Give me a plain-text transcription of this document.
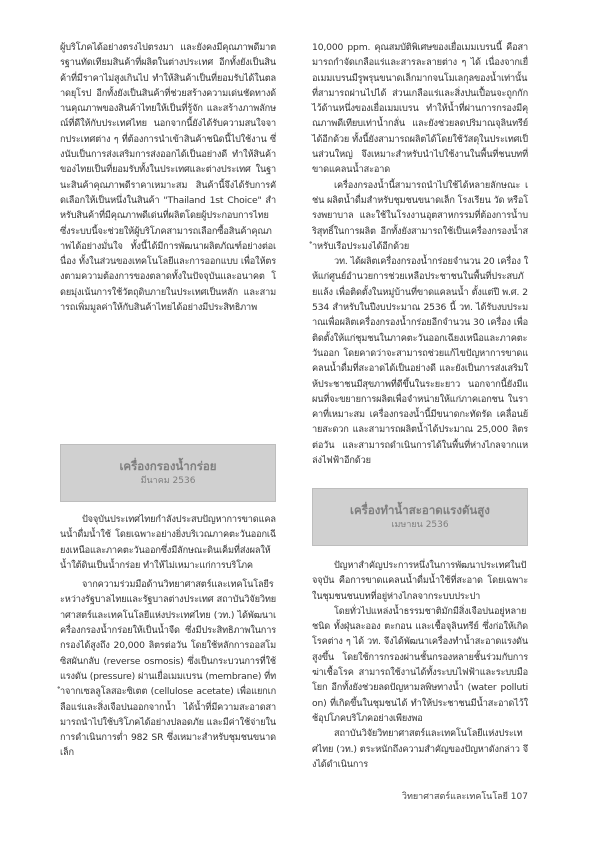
ผู้บริโภคได้อย่างตรงไปตรงมา และยังคงมีคุณภาพดีมาตรฐานทัดเทียมสินค้าที่ผลิตในต่างประเทศ อีกทั้งยังเป็นสินค้าที่มีราคาไม่สูงเกินไป ทำให้สินค้าเป็นที่ยอมรับได้ในตลาดยุโรป อีกทั้งยังเป็นสินค้าที่ช่วยสร้างความเด่นชัดทางด้านคุณภาพของสินค้าไทยให้เป็นที่รู้จัก และสร้างภาพลักษณ์ที่ดีให้กับประเทศไทย นอกจากนี้ยังได้รับความสนใจจากประเทศต่าง ๆ ที่ต้องการนำเข้าสินค้าชนิดนี้ไปใช้งาน ซึ่งนับเป็นการส่งเสริมการส่งออกได้เป็นอย่างดี ทำให้สินค้าของไทยเป็นที่ยอมรับทั้งในประเทศและต่างประเทศ ในฐานะสินค้าคุณภาพดีราคาเหมาะสม สินค้านี้จึงได้รับการคัดเลือกให้เป็นหนึ่งในสินค้า "Thailand 1st Choice" สำหรับสินค้าที่มีคุณภาพดีเด่นที่ผลิตโดยผู้ประกอบการไทย ซึ่งระบบนี้จะช่วยให้ผู้บริโภคสามารถเลือกซื้อสินค้าคุณภาพได้อย่างมั่นใจ ทั้งนี้ได้มีการพัฒนาผลิตภัณฑ์อย่างต่อเนื่อง ทั้งในส่วนของเทคโนโลยีและการออกแบบ เพื่อให้ตรงตามความต้องการของตลาดทั้งในปัจจุบันและอนาคต โดยมุ่งเน้นการใช้วัตถุดิบภายในประเทศเป็นหลัก และสามารถเพิ่มมูลค่าให้กับสินค้าไทยได้อย่างมีประสิทธิภาพ

เครื่องกรองน้ำกร่อย
มีนาคม 2536

ปัจจุบันประเทศไทยกำลังประสบปัญหาการขาดแคลนน้ำดื่มน้ำใช้ โดยเฉพาะอย่างยิ่งบริเวณภาคตะวันออกเฉียงเหนือและภาคตะวันออกซึ่งมีลักษณะดินเค็มที่ส่งผลให้น้ำใต้ดินเป็นน้ำกร่อย ทำให้ไม่เหมาะแก่การบริโภค

จากความร่วมมือด้านวิทยาศาสตร์และเทคโนโลยีระหว่างรัฐบาลไทยและรัฐบาลต่างประเทศ สถาบันวิจัยวิทยาศาสตร์และเทคโนโลยีแห่งประเทศไทย (วท.) ได้พัฒนาเครื่องกรองน้ำกร่อยให้เป็นน้ำจืด ซึ่งมีประสิทธิภาพในการกรองได้สูงถึง 20,000 ลิตรต่อวัน โดยใช้หลักการออสโมซิสผันกลับ (reverse osmosis) ซึ่งเป็นกระบวนการที่ใช้แรงดัน (pressure) ผ่านเยื่อเมมเบรน (membrane) ที่ทำจากเซลลูโลสอะซิเตต (cellulose acetate) เพื่อแยกเกลือแร่และสิ่งเจือปนออกจากน้ำ ได้น้ำที่มีความสะอาดสามารถนำไปใช้บริโภคได้อย่างปลอดภัย และมีค่าใช้จ่ายในการดำเนินการต่ำ 982 SR ซึ่งเหมาะสำหรับชุมชนขนาดเล็ก

10,000 ppm. คุณสมบัติพิเศษของเยื่อเมมเบรนนี้ คือสามารถกำจัดเกลือแร่และสารละลายต่าง ๆ ได้ เนื่องจากเยื่อเมมเบรนมีรูพรุนขนาดเล็กมากจนโมเลกุลของน้ำเท่านั้นที่สามารถผ่านไปได้ ส่วนเกลือแร่และสิ่งปนเปื้อนจะถูกกักไว้ด้านหนึ่งของเยื่อเมมเบรน ทำให้น้ำที่ผ่านการกรองมีคุณภาพดีเทียบเท่าน้ำกลั่น และยังช่วยลดปริมาณจุลินทรีย์ได้อีกด้วย ทั้งนี้ยังสามารถผลิตได้โดยใช้วัสดุในประเทศเป็นส่วนใหญ่ จึงเหมาะสำหรับนำไปใช้งานในพื้นที่ชนบทที่ขาดแคลนน้ำสะอาด

เครื่องกรองน้ำนี้สามารถนำไปใช้ได้หลายลักษณะ เช่น ผลิตน้ำดื่มสำหรับชุมชนขนาดเล็ก โรงเรียน วัด หรือโรงพยาบาล และใช้ในโรงงานอุตสาหกรรมที่ต้องการน้ำบริสุทธิ์ในการผลิต อีกทั้งยังสามารถใช้เป็นเครื่องกรองน้ำสำหรับเรือประมงได้อีกด้วย

วท. ได้ผลิตเครื่องกรองน้ำกร่อยจำนวน 20 เครื่อง ให้แก่ศูนย์อำนวยการช่วยเหลือประชาชนในพื้นที่ประสบภัยแล้ง เพื่อติดตั้งในหมู่บ้านที่ขาดแคลนน้ำ ตั้งแต่ปี พ.ศ. 2534 สำหรับในปีงบประมาณ 2536 นี้ วท. ได้รับงบประมาณเพื่อผลิตเครื่องกรองน้ำกร่อยอีกจำนวน 30 เครื่อง เพื่อติดตั้งให้แก่ชุมชนในภาคตะวันออกเฉียงเหนือและภาคตะวันออก โดยคาดว่าจะสามารถช่วยแก้ไขปัญหาการขาดแคลนน้ำดื่มที่สะอาดได้เป็นอย่างดี และยังเป็นการส่งเสริมให้ประชาชนมีสุขภาพที่ดีขึ้นในระยะยาว นอกจากนี้ยังมีแผนที่จะขยายการผลิตเพื่อจำหน่ายให้แก่ภาคเอกชน ในราคาที่เหมาะสม เครื่องกรองน้ำนี้มีขนาดกะทัดรัด เคลื่อนย้ายสะดวก และสามารถผลิตน้ำได้ประมาณ 25,000 ลิตรต่อวัน และสามารถดำเนินการได้ในพื้นที่ห่างไกลจากแหล่งไฟฟ้าอีกด้วย

เครื่องทำน้ำสะอาดแรงดันสูง
เมษายน 2536

ปัญหาสำคัญประการหนึ่งในการพัฒนาประเทศในปัจจุบัน คือการขาดแคลนน้ำดื่มน้ำใช้ที่สะอาด โดยเฉพาะในชุมชนชนบทที่อยู่ห่างไกลจากระบบประปา

โดยทั่วไปแหล่งน้ำธรรมชาติมักมีสิ่งเจือปนอยู่หลายชนิด ทั้งฝุ่นละออง ตะกอน และเชื้อจุลินทรีย์ ซึ่งก่อให้เกิดโรคต่าง ๆ ได้ วท. จึงได้พัฒนาเครื่องทำน้ำสะอาดแรงดันสูงขึ้น โดยใช้การกรองผ่านชั้นกรองหลายชั้นร่วมกับการฆ่าเชื้อโรค สามารถใช้งานได้ทั้งระบบไฟฟ้าและระบบมือโยก อีกทั้งยังช่วยลดปัญหามลพิษทางน้ำ (water pollution) ที่เกิดขึ้นในชุมชนได้ ทำให้ประชาชนมีน้ำสะอาดไว้ใช้อุปโภคบริโภคอย่างเพียงพอ

สถาบันวิจัยวิทยาศาสตร์และเทคโนโลยีแห่งประเทศไทย (วท.) ตระหนักถึงความสำคัญของปัญหาดังกล่าว จึงได้ดำเนินการ

วิทยาศาสตร์และเทคโนโลยี 107
